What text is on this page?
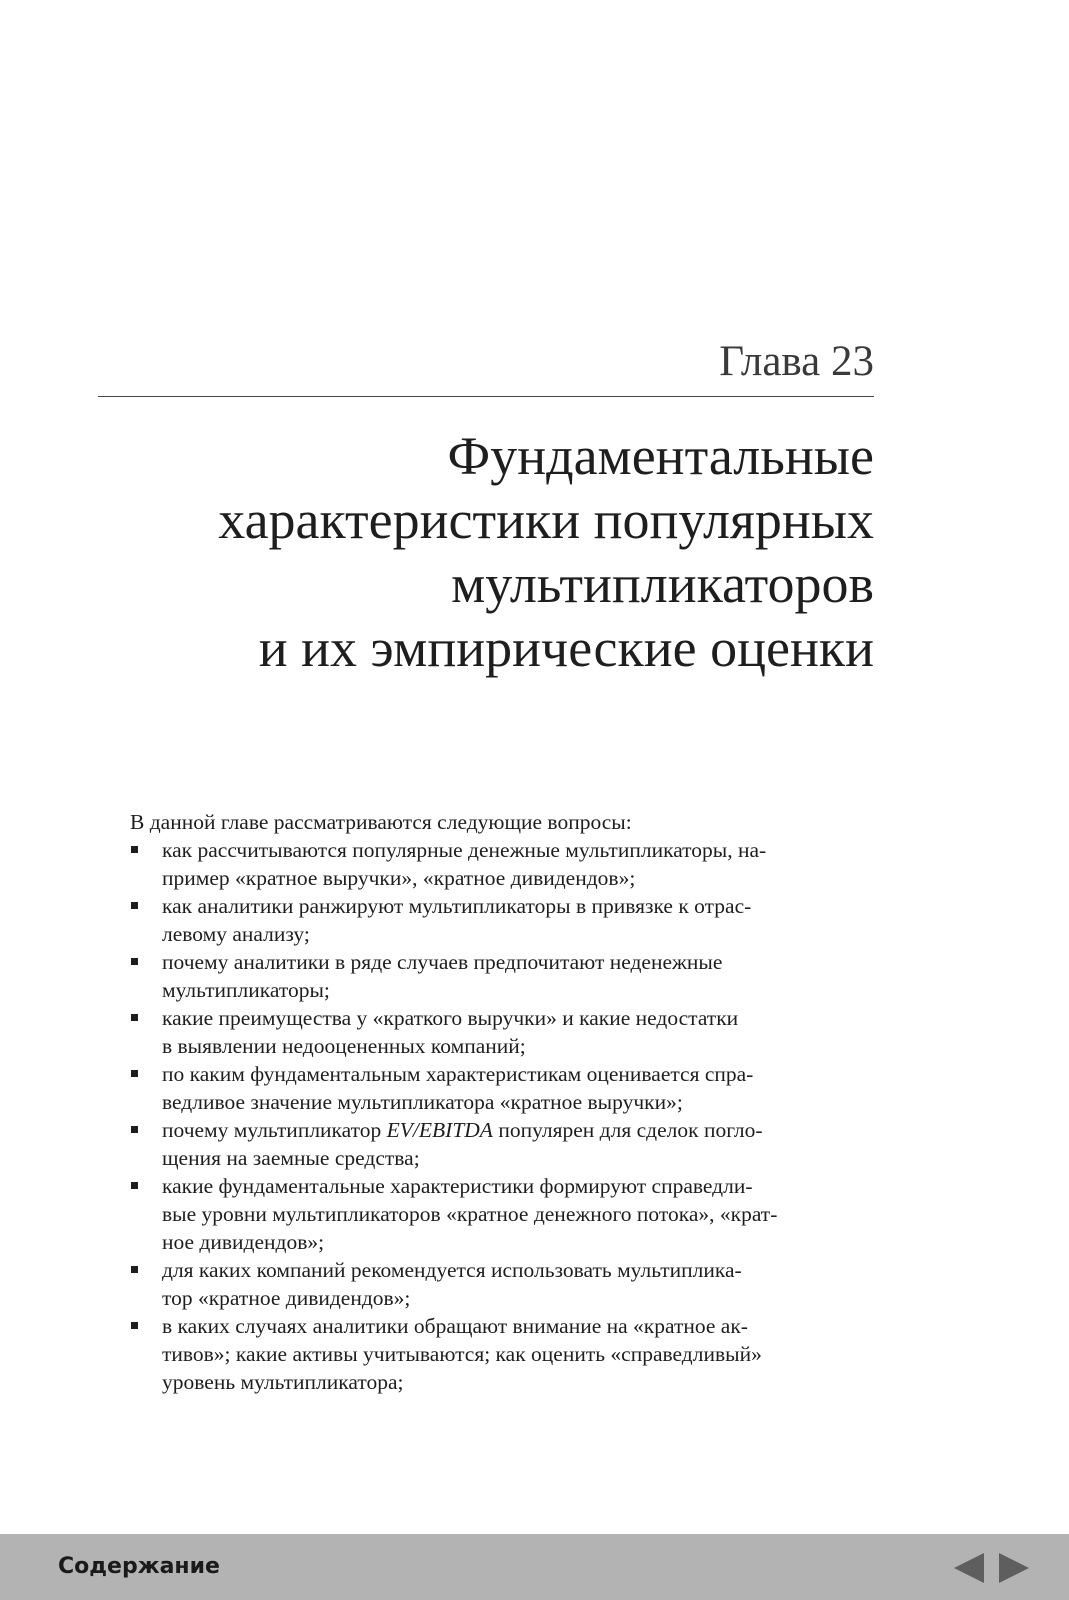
Глава 23
Фундаментальные
характеристики популярных
мультипликаторов
и их эмпирические оценки
В данной главе рассматриваются следующие вопросы:
как рассчитываются популярные денежные мультипликаторы, на-
пример «кратное выручки», «кратное дивидендов»;
как аналитики ранжируют мультипликаторы в привязке к отрас-
левому анализу;
почему аналитики в ряде случаев предпочитают неденежные
мультипликаторы;
какие преимущества у «краткого выручки» и какие недостатки
в выявлении недооцененных компаний;
по каким фундаментальным характеристикам оценивается спра-
ведливое значение мультипликатора «кратное выручки»;
почему мультипликатор EV/EBITDA популярен для сделок погло-
щения на заемные средства;
какие фундаментальные характеристики формируют справедли-
вые уровни мультипликаторов «кратное денежного потока», «крат-
ное дивидендов»;
для каких компаний рекомендуется использовать мультиплика-
тор «кратное дивидендов»;
в каких случаях аналитики обращают внимание на «кратное ак-
тивов»; какие активы учитываются; как оценить «справедливый»
уровень мультипликатора;
Содержание
